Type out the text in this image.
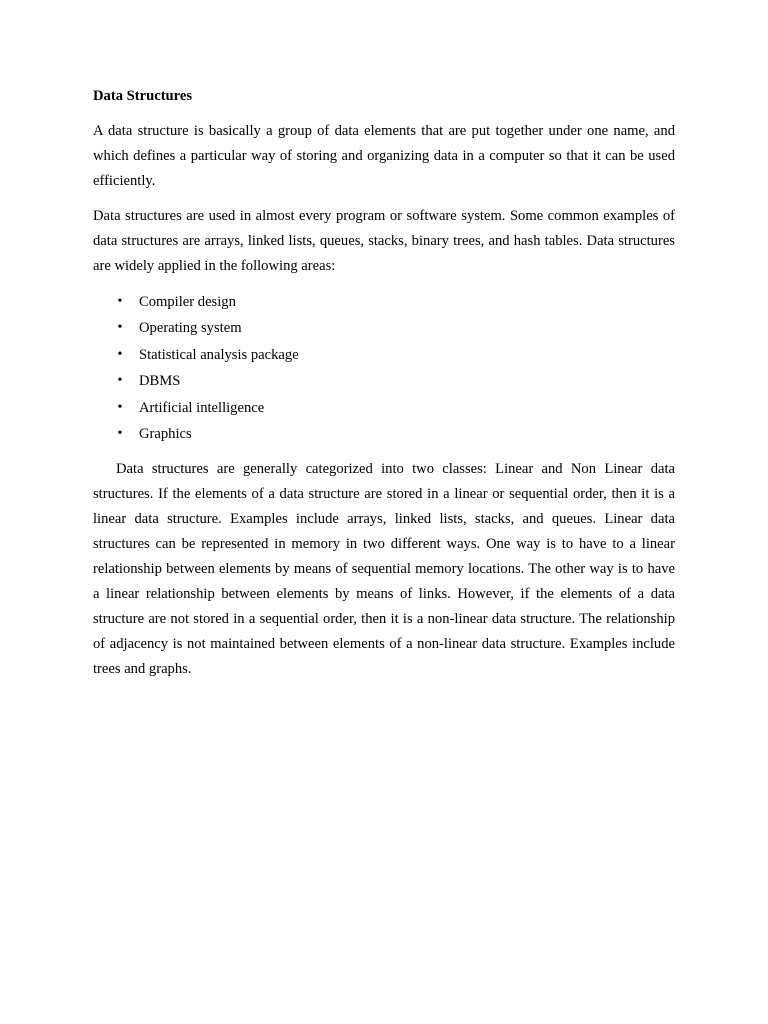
Data Structures

A data structure is basically a group of data elements that are put together under one name, and which defines a particular way of storing and organizing data in a computer so that it can be used efficiently.

Data structures are used in almost every program or software system. Some common examples of data structures are arrays, linked lists, queues, stacks, binary trees, and hash tables. Data structures are widely applied in the following areas:

• Compiler design
• Operating system
• Statistical analysis package
• DBMS
• Artificial intelligence
• Graphics

Data structures are generally categorized into two classes: Linear and Non Linear data structures. If the elements of a data structure are stored in a linear or sequential order, then it is a linear data structure. Examples include arrays, linked lists, stacks, and queues. Linear data structures can be represented in memory in two different ways. One way is to have to a linear relationship between elements by means of sequential memory locations. The other way is to have a linear relationship between elements by means of links. However, if the elements of a data structure are not stored in a sequential order, then it is a non-linear data structure. The relationship of adjacency is not maintained between elements of a non-linear data structure. Examples include trees and graphs.
